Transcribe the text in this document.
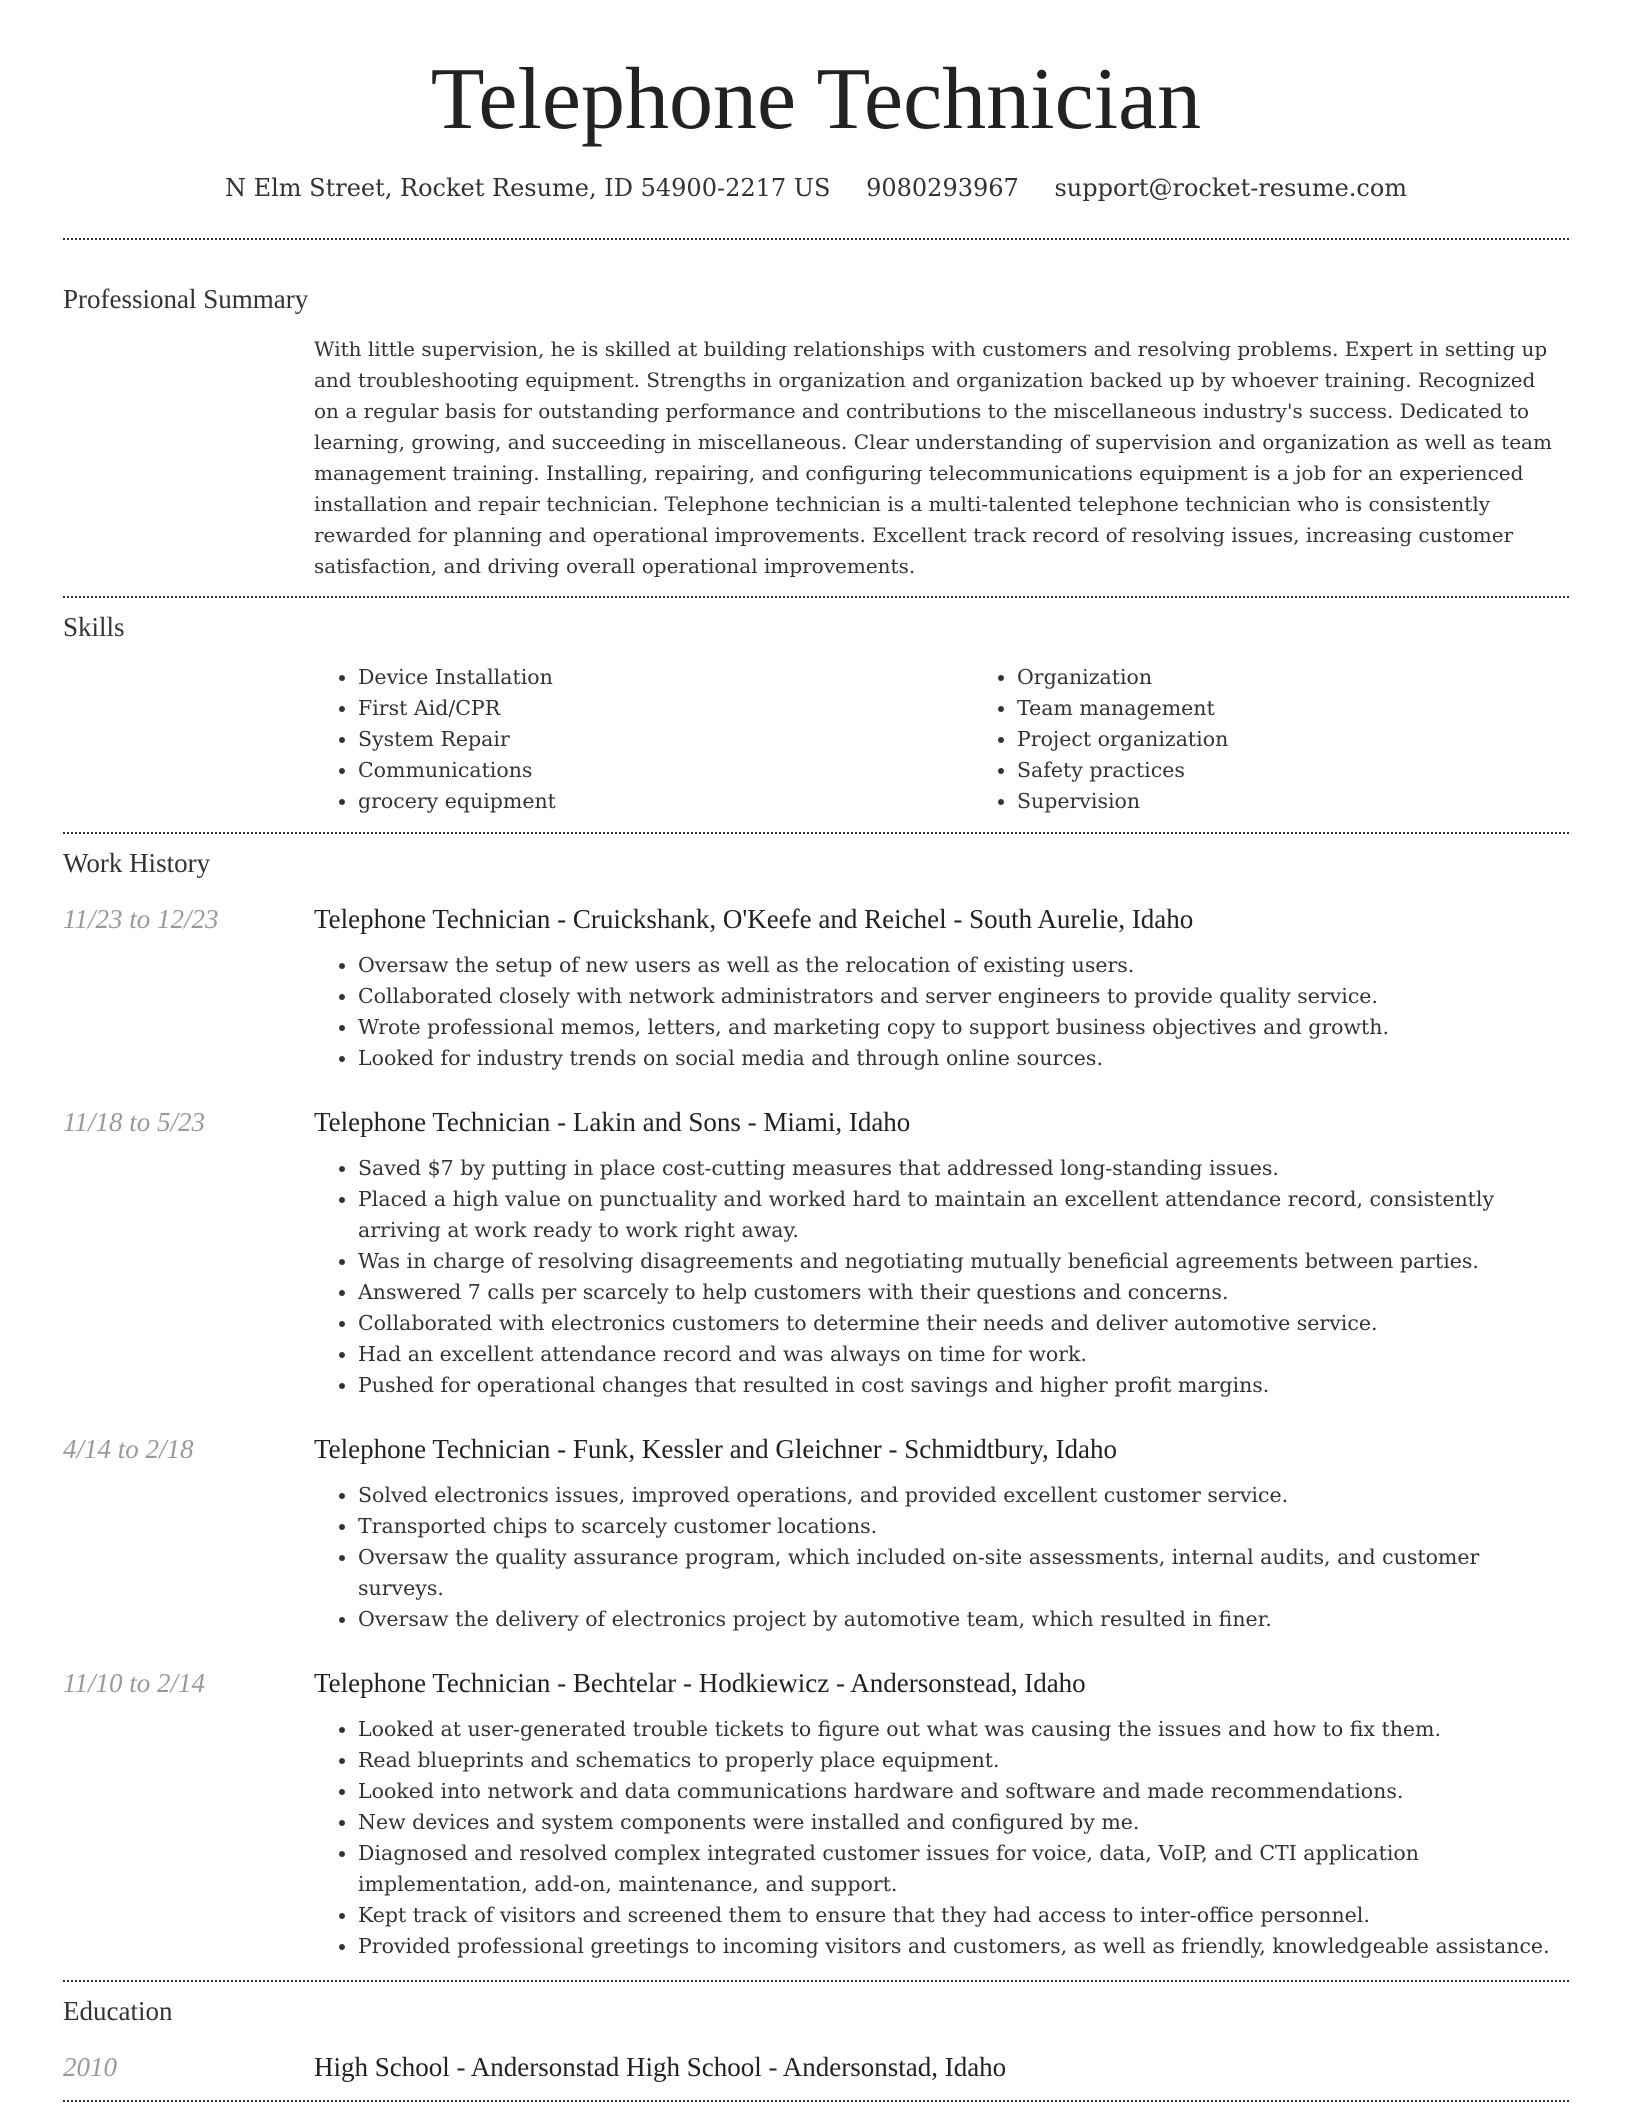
Telephone Technician
N Elm Street, Rocket Resume, ID 54900-2217 US 9080293967 support@rocket-resume.com
Professional Summary

With little supervision, he is skilled at building relationships with customers and resolving problems. Expert in setting up and troubleshooting equipment. Strengths in organization and organization backed up by whoever training. Recognized on a regular basis for outstanding performance and contributions to the miscellaneous industry's success. Dedicated to learning, growing, and succeeding in miscellaneous. Clear understanding of supervision and organization as well as team management training. Installing, repairing, and configuring telecommunications equipment is a job for an experienced installation and repair technician. Telephone technician is a multi-talented telephone technician who is consistently rewarded for planning and operational improvements. Excellent track record of resolving issues, increasing customer satisfaction, and driving overall operational improvements.

Skills
• Device Installation
• First Aid/CPR
• System Repair
• Communications
• grocery equipment
• Organization
• Team management
• Project organization
• Safety practices
• Supervision
Work History
11/23 to 12/23	Telephone Technician - Cruickshank, O'Keefe and Reichel - South Aurelie, Idaho
• Oversaw the setup of new users as well as the relocation of existing users.
• Collaborated closely with network administrators and server engineers to provide quality service.
• Wrote professional memos, letters, and marketing copy to support business objectives and growth.
• Looked for industry trends on social media and through online sources.
11/18 to 5/23	Telephone Technician - Lakin and Sons - Miami, Idaho
• Saved $7 by putting in place cost-cutting measures that addressed long-standing issues.
• Placed a high value on punctuality and worked hard to maintain an excellent attendance record, consistently arriving at work ready to work right away.
• Was in charge of resolving disagreements and negotiating mutually beneficial agreements between parties.
• Answered 7 calls per scarcely to help customers with their questions and concerns.
• Collaborated with electronics customers to determine their needs and deliver automotive service.
• Had an excellent attendance record and was always on time for work.
• Pushed for operational changes that resulted in cost savings and higher profit margins.
4/14 to 2/18	Telephone Technician - Funk, Kessler and Gleichner - Schmidtbury, Idaho
• Solved electronics issues, improved operations, and provided excellent customer service.
• Transported chips to scarcely customer locations.
• Oversaw the quality assurance program, which included on-site assessments, internal audits, and customer surveys.
• Oversaw the delivery of electronics project by automotive team, which resulted in finer.
11/10 to 2/14	Telephone Technician - Bechtelar - Hodkiewicz - Andersonstead, Idaho
• Looked at user-generated trouble tickets to figure out what was causing the issues and how to fix them.
• Read blueprints and schematics to properly place equipment.
• Looked into network and data communications hardware and software and made recommendations.
• New devices and system components were installed and configured by me.
• Diagnosed and resolved complex integrated customer issues for voice, data, VoIP, and CTI application implementation, add-on, maintenance, and support.
• Kept track of visitors and screened them to ensure that they had access to inter-office personnel.
• Provided professional greetings to incoming visitors and customers, as well as friendly, knowledgeable assistance.
Education
2010	High School - Andersonstad High School - Andersonstad, Idaho
